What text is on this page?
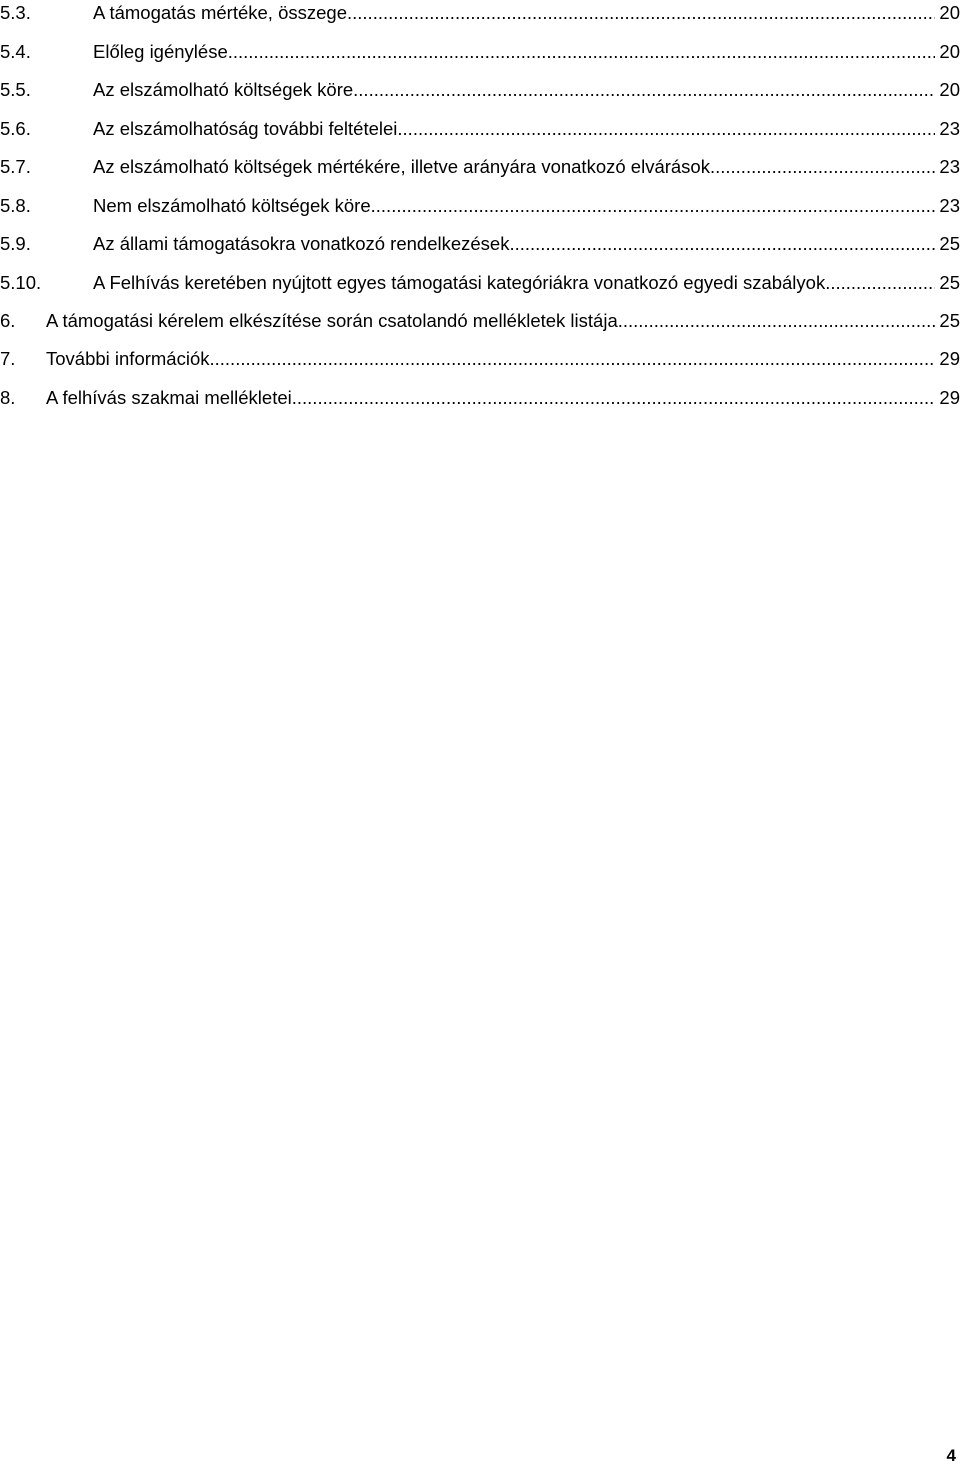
5.3.	A támogatás mértéke, összege .....	20
5.4.	Előleg igénylése .....	20
5.5.	Az elszámolható költségek köre .....	20
5.6.	Az elszámolhatóság további feltételei .....	23
5.7.	Az elszámolható költségek mértékére, illetve arányára vonatkozó elvárások .....	23
5.8.	Nem elszámolható költségek köre .....	23
5.9.	Az állami támogatásokra vonatkozó rendelkezések .....	25
5.10.	A Felhívás keretében nyújtott egyes támogatási kategóriákra vonatkozó egyedi szabályok .....	25
6. A támogatási kérelem elkészítése során csatolandó mellékletek listája .....	25
7. További információk .....	29
8. A felhívás szakmai mellékletei .....	29
4
